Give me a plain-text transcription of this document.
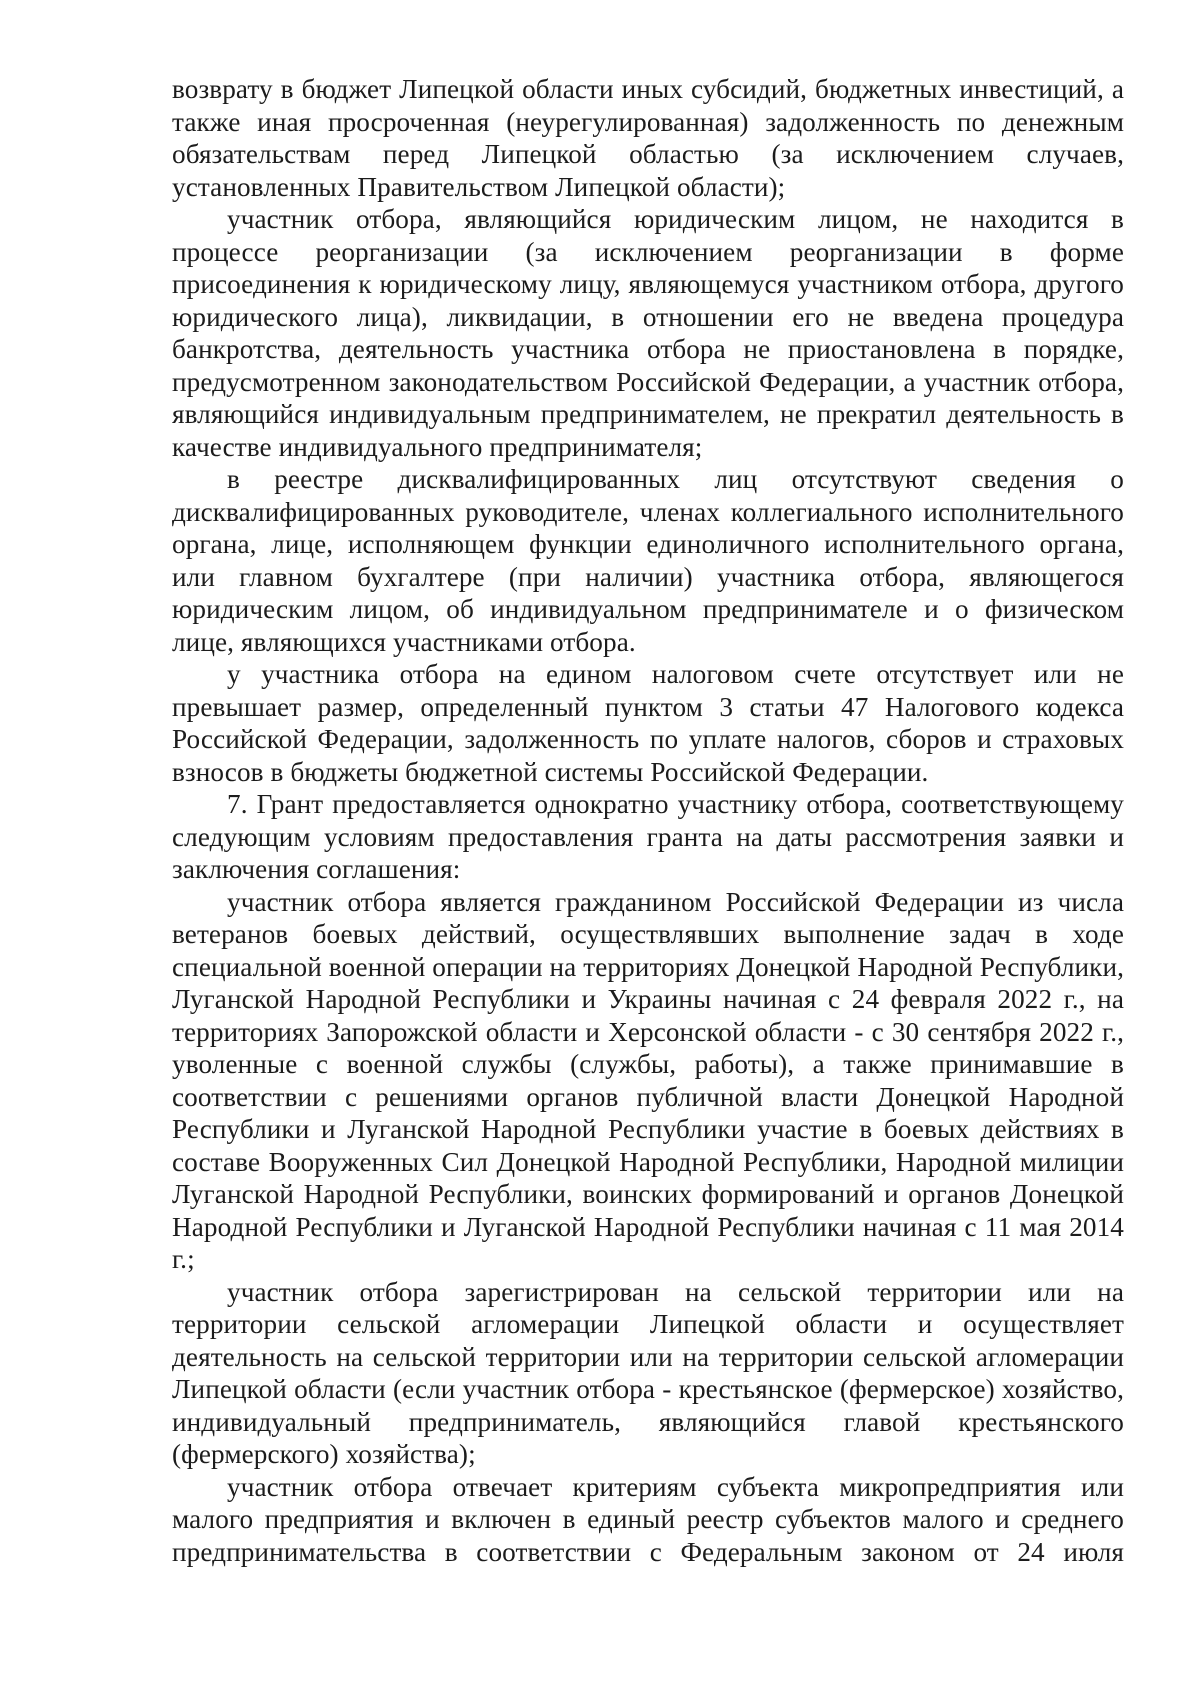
возврату в бюджет Липецкой области иных субсидий, бюджетных инвестиций, а также иная просроченная (неурегулированная) задолженность по денежным обязательствам перед Липецкой областью (за исключением случаев, установленных Правительством Липецкой области);

участник отбора, являющийся юридическим лицом, не находится в процессе реорганизации (за исключением реорганизации в форме присоединения к юридическому лицу, являющемуся участником отбора, другого юридического лица), ликвидации, в отношении его не введена процедура банкротства, деятельность участника отбора не приостановлена в порядке, предусмотренном законодательством Российской Федерации, а участник отбора, являющийся индивидуальным предпринимателем, не прекратил деятельность в качестве индивидуального предпринимателя;

в реестре дисквалифицированных лиц отсутствуют сведения о дисквалифицированных руководителе, членах коллегиального исполнительного органа, лице, исполняющем функции единоличного исполнительного органа, или главном бухгалтере (при наличии) участника отбора, являющегося юридическим лицом, об индивидуальном предпринимателе и о физическом лице, являющихся участниками отбора.

у участника отбора на едином налоговом счете отсутствует или не превышает размер, определенный пунктом 3 статьи 47 Налогового кодекса Российской Федерации, задолженность по уплате налогов, сборов и страховых взносов в бюджеты бюджетной системы Российской Федерации.

7. Грант предоставляется однократно участнику отбора, соответствующему следующим условиям предоставления гранта на даты рассмотрения заявки и заключения соглашения:

участник отбора является гражданином Российской Федерации из числа ветеранов боевых действий, осуществлявших выполнение задач в ходе специальной военной операции на территориях Донецкой Народной Республики, Луганской Народной Республики и Украины начиная с 24 февраля 2022 г., на территориях Запорожской области и Херсонской области - с 30 сентября 2022 г., уволенные с военной службы (службы, работы), а также принимавшие в соответствии с решениями органов публичной власти Донецкой Народной Республики и Луганской Народной Республики участие в боевых действиях в составе Вооруженных Сил Донецкой Народной Республики, Народной милиции Луганской Народной Республики, воинских формирований и органов Донецкой Народной Республики и Луганской Народной Республики начиная с 11 мая 2014 г.;

участник отбора зарегистрирован на сельской территории или на территории сельской агломерации Липецкой области и осуществляет деятельность на сельской территории или на территории сельской агломерации Липецкой области (если участник отбора - крестьянское (фермерское) хозяйство, индивидуальный предприниматель, являющийся главой крестьянского (фермерского) хозяйства);

участник отбора отвечает критериям субъекта микропредприятия или малого предприятия и включен в единый реестр субъектов малого и среднего предпринимательства в соответствии с Федеральным законом от 24 июля
